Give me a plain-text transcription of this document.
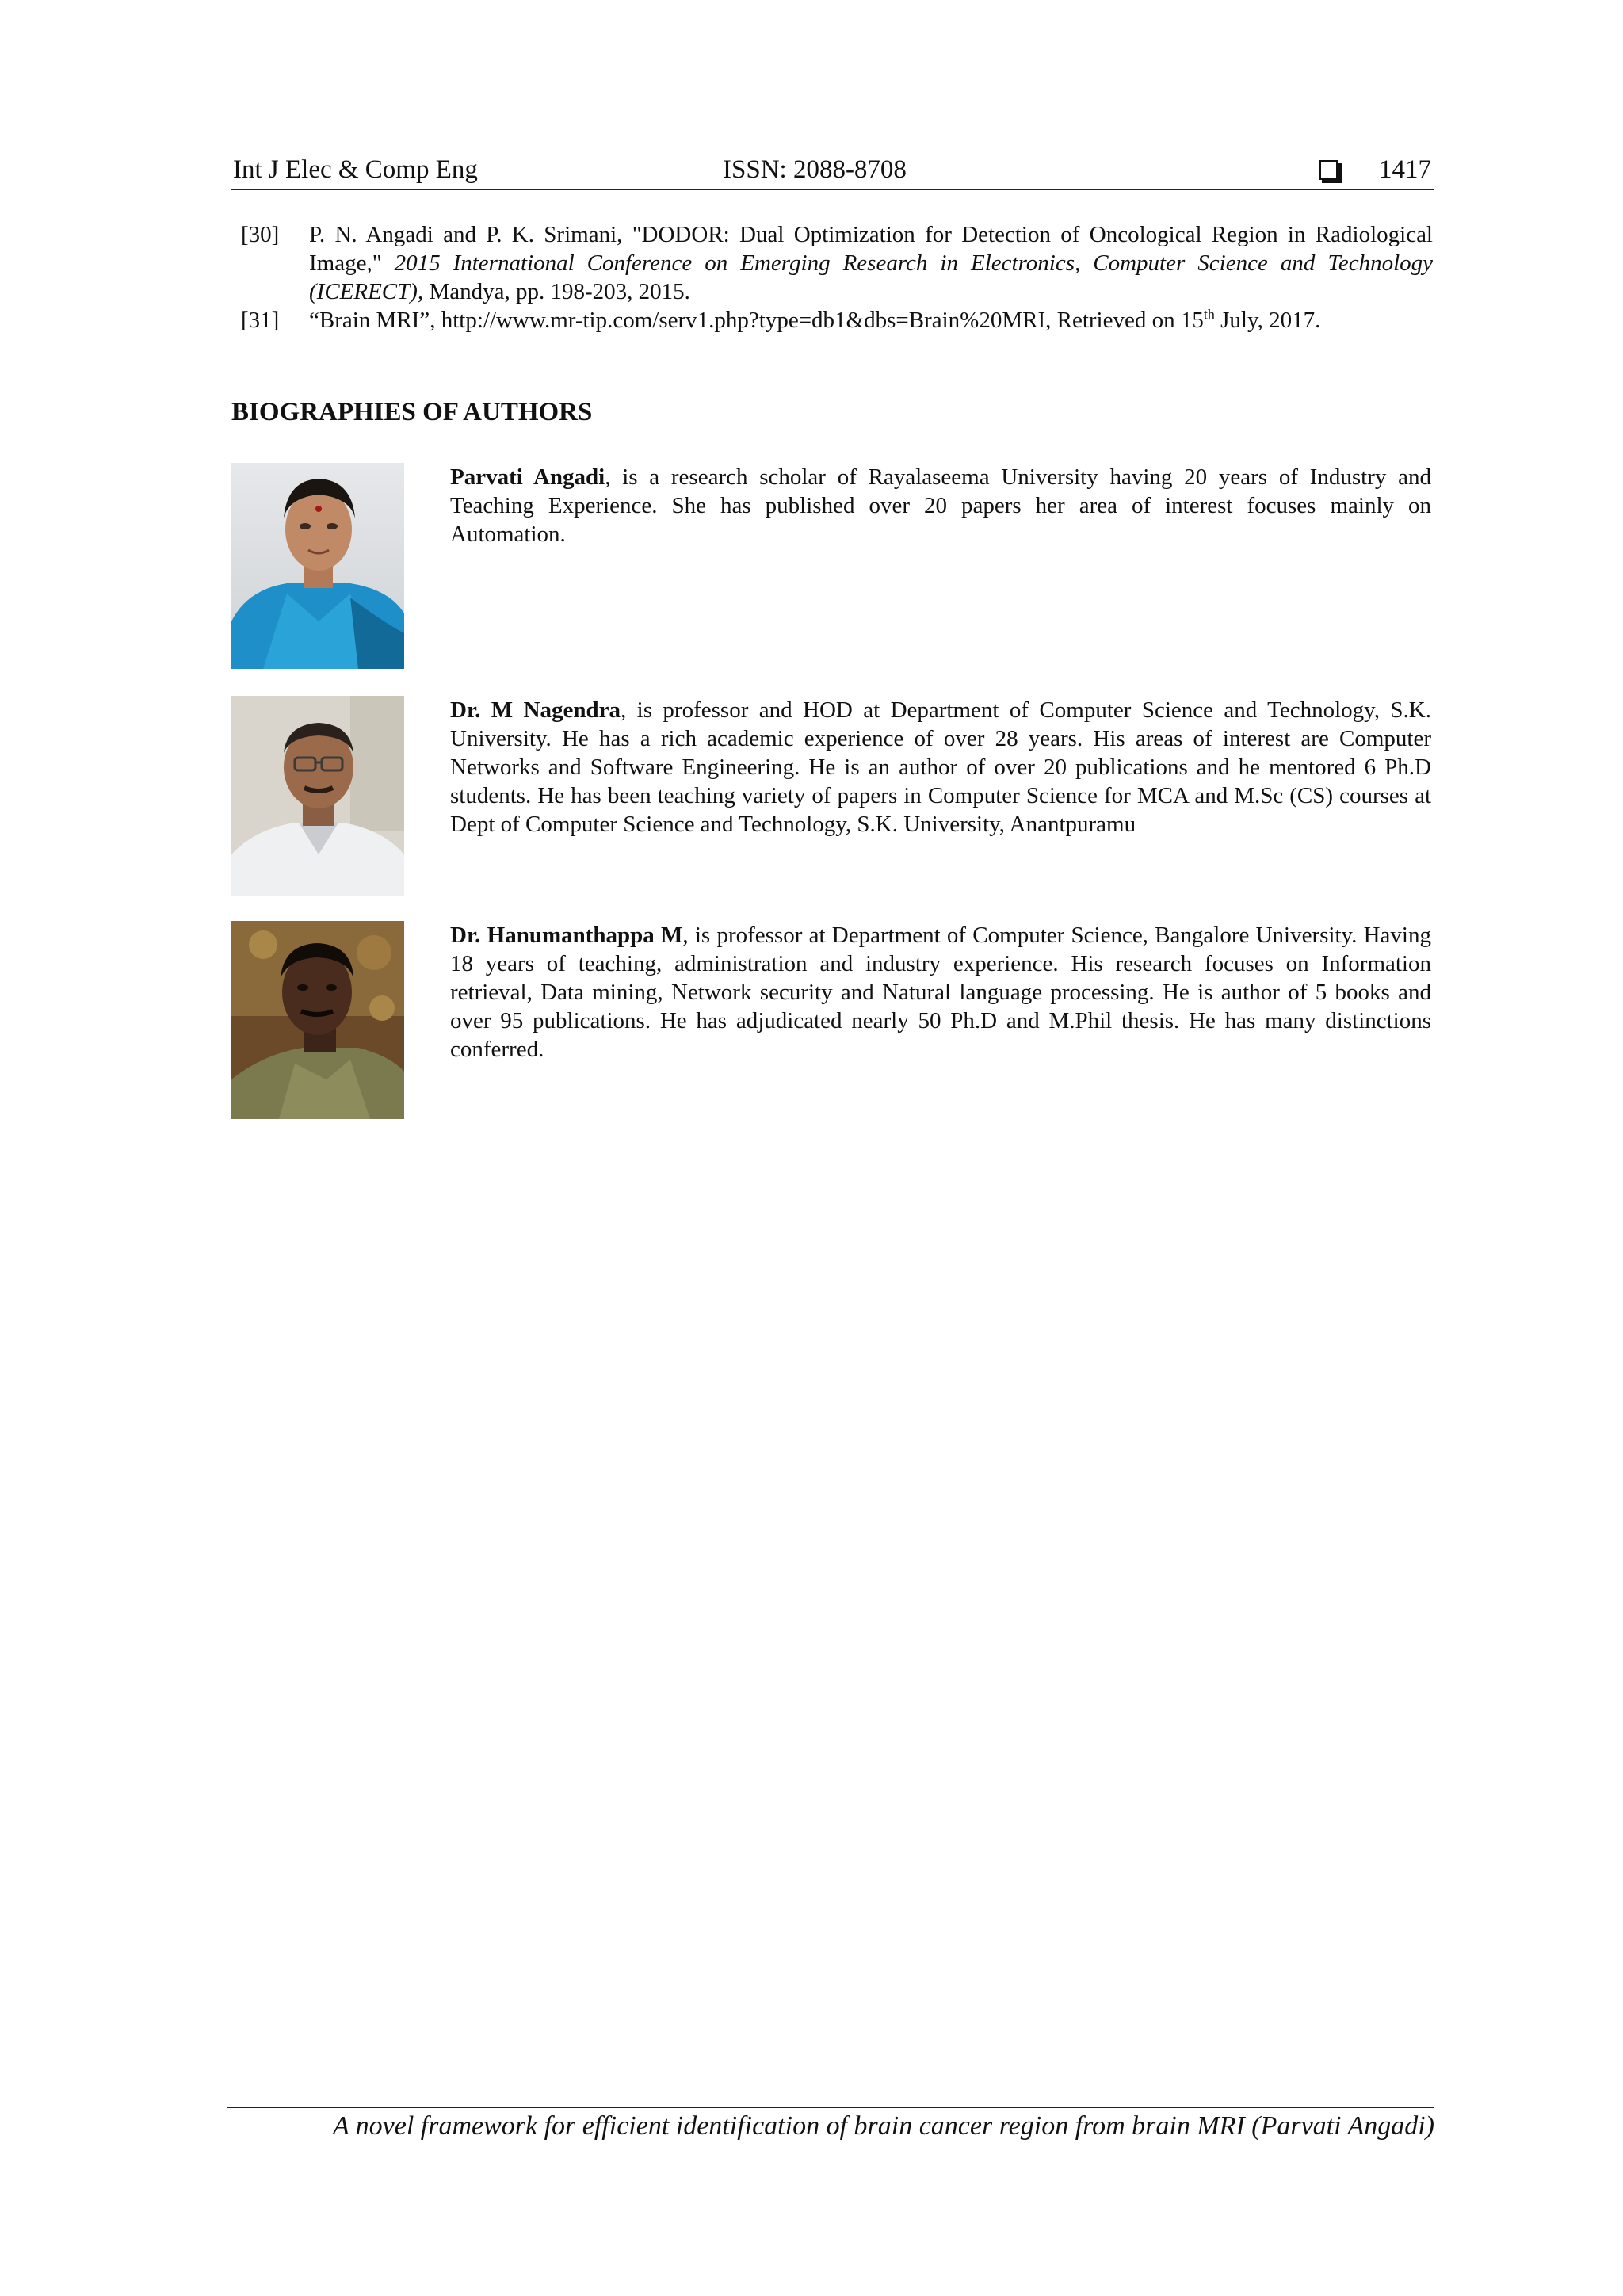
Int J Elec & Comp Eng	ISSN: 2088-8708	1417
[30] P. N. Angadi and P. K. Srimani, "DODOR: Dual Optimization for Detection of Oncological Region in Radiological Image," 2015 International Conference on Emerging Research in Electronics, Computer Science and Technology (ICERECT), Mandya, pp. 198-203, 2015.
[31] “Brain MRI”, http://www.mr-tip.com/serv1.php?type=db1&dbs=Brain%20MRI, Retrieved on 15th July, 2017.
BIOGRAPHIES OF AUTHORS
Parvati Angadi, is a research scholar of Rayalaseema University having 20 years of Industry and Teaching Experience. She has published over 20 papers her area of interest focuses mainly on Automation.
Dr. M Nagendra, is professor and HOD at Department of Computer Science and Technology, S.K. University. He has a rich academic experience of over 28 years. His areas of interest are Computer Networks and Software Engineering. He is an author of over 20 publications and he mentored 6 Ph.D students. He has been teaching variety of papers in Computer Science for MCA and M.Sc (CS) courses at Dept of Computer Science and Technology, S.K. University, Anantpuramu
Dr. Hanumanthappa M, is professor at Department of Computer Science, Bangalore University. Having 18 years of teaching, administration and industry experience. His research focuses on Information retrieval, Data mining, Network security and Natural language processing. He is author of 5 books and over 95 publications. He has adjudicated nearly 50 Ph.D and M.Phil thesis. He has many distinctions conferred.
A novel framework for efficient identification of brain cancer region from brain MRI (Parvati Angadi)
